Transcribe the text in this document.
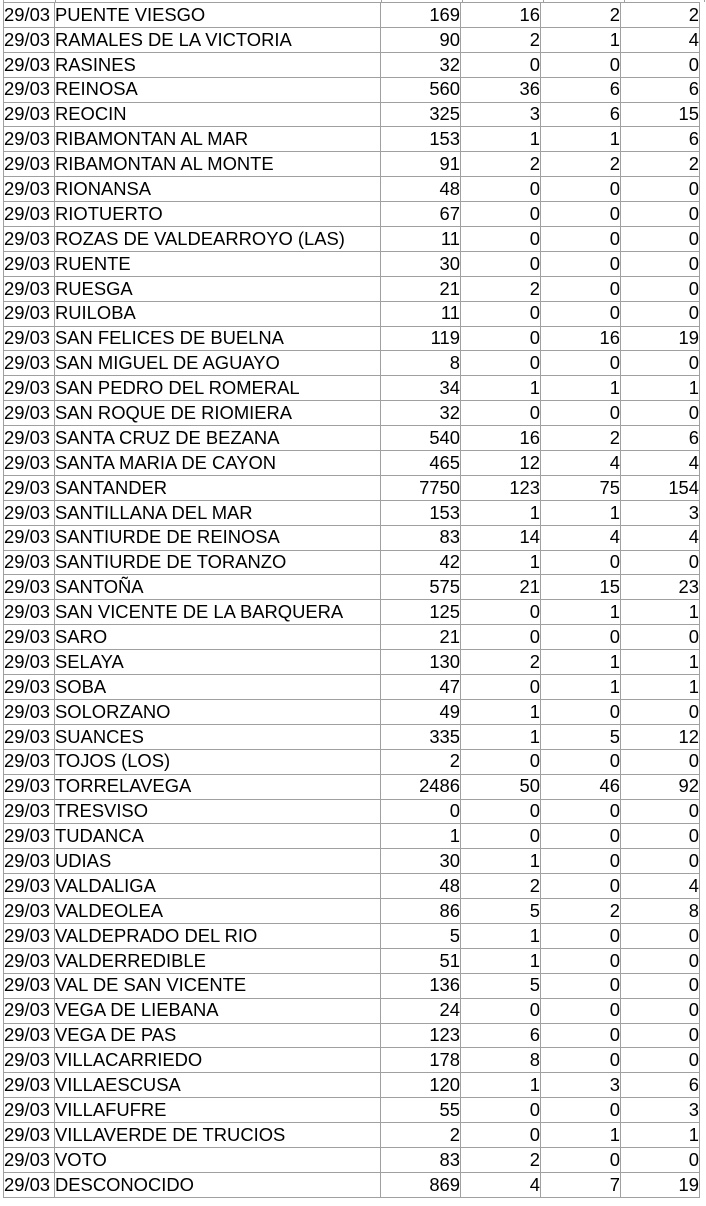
29/03	PUENTE VIESGO	169	16	2	2
29/03	RAMALES DE LA VICTORIA	90	2	1	4
29/03	RASINES	32	0	0	0
29/03	REINOSA	560	36	6	6
29/03	REOCIN	325	3	6	15
29/03	RIBAMONTAN AL MAR	153	1	1	6
29/03	RIBAMONTAN AL MONTE	91	2	2	2
29/03	RIONANSA	48	0	0	0
29/03	RIOTUERTO	67	0	0	0
29/03	ROZAS DE VALDEARROYO (LAS)	11	0	0	0
29/03	RUENTE	30	0	0	0
29/03	RUESGA	21	2	0	0
29/03	RUILOBA	11	0	0	0
29/03	SAN FELICES DE BUELNA	119	0	16	19
29/03	SAN MIGUEL DE AGUAYO	8	0	0	0
29/03	SAN PEDRO DEL ROMERAL	34	1	1	1
29/03	SAN ROQUE DE RIOMIERA	32	0	0	0
29/03	SANTA CRUZ DE BEZANA	540	16	2	6
29/03	SANTA MARIA DE CAYON	465	12	4	4
29/03	SANTANDER	7750	123	75	154
29/03	SANTILLANA DEL MAR	153	1	1	3
29/03	SANTIURDE DE REINOSA	83	14	4	4
29/03	SANTIURDE DE TORANZO	42	1	0	0
29/03	SANTOÑA	575	21	15	23
29/03	SAN VICENTE DE LA BARQUERA	125	0	1	1
29/03	SARO	21	0	0	0
29/03	SELAYA	130	2	1	1
29/03	SOBA	47	0	1	1
29/03	SOLORZANO	49	1	0	0
29/03	SUANCES	335	1	5	12
29/03	TOJOS (LOS)	2	0	0	0
29/03	TORRELAVEGA	2486	50	46	92
29/03	TRESVISO	0	0	0	0
29/03	TUDANCA	1	0	0	0
29/03	UDIAS	30	1	0	0
29/03	VALDALIGA	48	2	0	4
29/03	VALDEOLEA	86	5	2	8
29/03	VALDEPRADO DEL RIO	5	1	0	0
29/03	VALDERREDIBLE	51	1	0	0
29/03	VAL DE SAN VICENTE	136	5	0	0
29/03	VEGA DE LIEBANA	24	0	0	0
29/03	VEGA DE PAS	123	6	0	0
29/03	VILLACARRIEDO	178	8	0	0
29/03	VILLAESCUSA	120	1	3	6
29/03	VILLAFUFRE	55	0	0	3
29/03	VILLAVERDE DE TRUCIOS	2	0	1	1
29/03	VOTO	83	2	0	0
29/03	DESCONOCIDO	869	4	7	19
